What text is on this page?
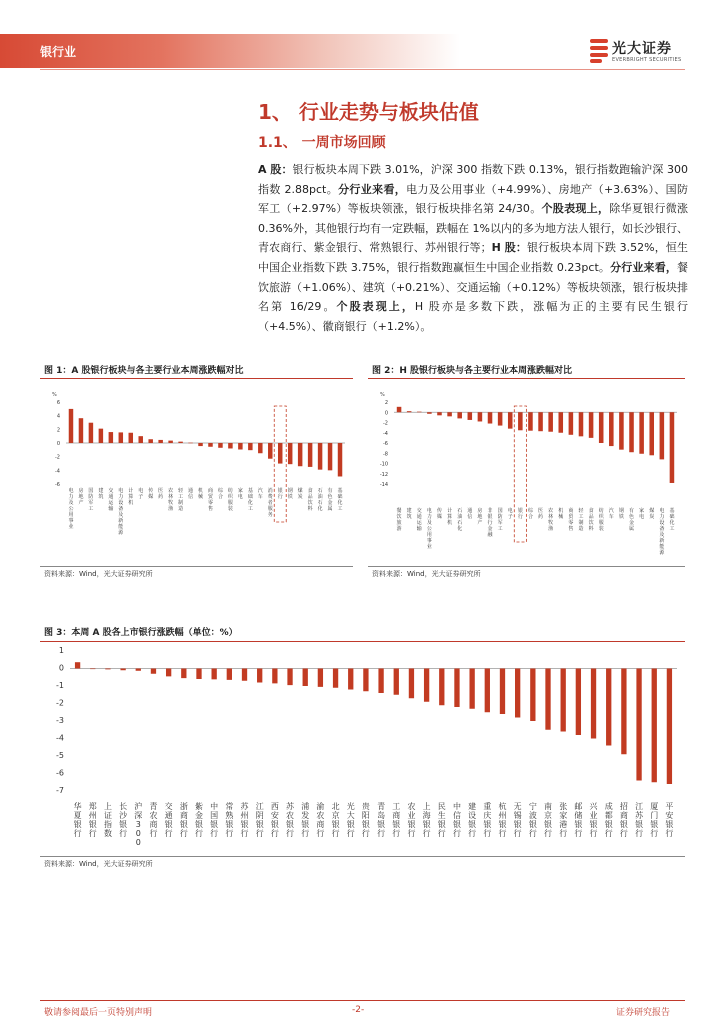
银行业	光大证券
EVERBRIGHT SECURITIES
1、 行业走势与板块估值
1.1、 一周市场回顾
A 股：银行板块本周下跌 3.01%，沪深 300 指数下跌 0.13%，银行指数跑输沪深 300 指数 2.88pct。分行业来看，电力及公用事业（+4.99%）、房地产（+3.63%）、国防军工（+2.97%）等板块领涨，银行板块排名第 24/30。个股表现上，除华夏银行微涨 0.36%外，其他银行均有一定跌幅，跌幅在 1%以内的多为地方法人银行，如长沙银行、青农商行、紫金银行、常熟银行、苏州银行等；H 股：银行板块本周下跌 3.52%，恒生中国企业指数下跌 3.75%，银行指数跑赢恒生中国企业指数 0.23pct。分行业来看，餐饮旅游（+1.06%）、建筑（+0.21%）、交通运输（+0.12%）等板块领涨，银行板块排名第 16/29。个股表现上，H 股亦是多数下跌，涨幅为正的主要有民生银行（+4.5%）、徽商银行（+1.2%）。
图 1：A 股银行板块与各主要行业本周涨跌幅对比
%
6
4
2
0
-2
-4
-6
电力及公用事业
房地产
国防军工
建筑
交通运输
电力设备及新能源
计算机
电子
传媒
医药
农林牧渔
轻工制造
通信
机械
商贸零售
综合
纺织服装
家电
基础化工
汽车
消费者服务
银行
钢铁
煤炭
食品饮料
石油石化
有色金属
基础化工
资料来源：Wind，光大证券研究所
图 2：H 股银行板块与各主要行业本周涨跌幅对比
%
2
0
-2
-4
-6
-8
-10
-12
-14
餐饮旅游
建筑
交通运输
电力及公用事业
传媒
计算机
石油石化
通信
房地产
非银行金融
国防军工
电子
银行
综合
医药
农林牧渔
机械
商贸零售
轻工制造
食品饮料
纺织服装
汽车
钢铁
有色金属
家电
煤炭
电力设备及新能源
基础化工
资料来源：Wind，光大证券研究所
图 3：本周 A 股各上市银行涨跌幅（单位：%）
1
0
-1
-2
-3
-4
-5
-6
-7
华夏银行
郑州银行
上证指数
长沙银行
沪深 3 0 0
青农商行
交通银行
浙商银行
紫金银行
中国银行
常熟银行
苏州银行
江阴银行
西安银行
苏农银行
浦发银行
渝农商行
北京银行
光大银行
贵阳银行
青岛银行
工商银行
农业银行
上海银行
民生银行
中信银行
建设银行
重庆银行
杭州银行
无锡银行
宁波银行
南京银行
张家港行
邮储银行
兴业银行
成都银行
招商银行
江苏银行
厦门银行
平安银行
资料来源：Wind，光大证券研究所
敬请参阅最后一页特别声明	-2-	证券研究报告
